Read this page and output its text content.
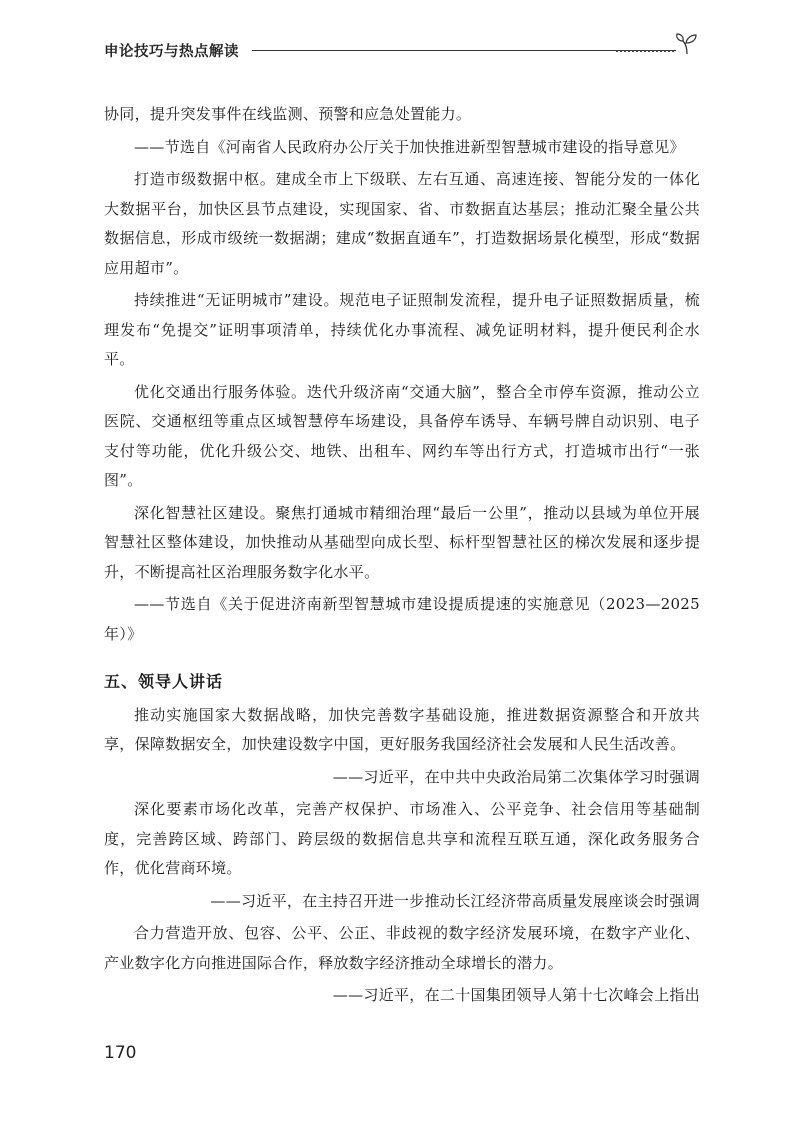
申论技巧与热点解读

协同，提升突发事件在线监测、预警和应急处置能力。

——节选自《河南省人民政府办公厅关于加快推进新型智慧城市建设的指导意见》

打造市级数据中枢。建成全市上下级联、左右互通、高速连接、智能分发的一体化大数据平台，加快区县节点建设，实现国家、省、市数据直达基层；推动汇聚全量公共数据信息，形成市级统一数据湖；建成“数据直通车”，打造数据场景化模型，形成“数据应用超市”。

持续推进“无证明城市”建设。规范电子证照制发流程，提升电子证照数据质量，梳理发布“免提交”证明事项清单，持续优化办事流程、减免证明材料，提升便民利企水平。

优化交通出行服务体验。迭代升级济南“交通大脑”，整合全市停车资源，推动公立医院、交通枢纽等重点区域智慧停车场建设，具备停车诱导、车辆号牌自动识别、电子支付等功能，优化升级公交、地铁、出租车、网约车等出行方式，打造城市出行“一张图”。

深化智慧社区建设。聚焦打通城市精细治理“最后一公里”，推动以县域为单位开展智慧社区整体建设，加快推动从基础型向成长型、标杆型智慧社区的梯次发展和逐步提升，不断提高社区治理服务数字化水平。

——节选自《关于促进济南新型智慧城市建设提质提速的实施意见（2023—2025年）》

五、领导人讲话

推动实施国家大数据战略，加快完善数字基础设施，推进数据资源整合和开放共享，保障数据安全，加快建设数字中国，更好服务我国经济社会发展和人民生活改善。

——习近平，在中共中央政治局第二次集体学习时强调

深化要素市场化改革，完善产权保护、市场准入、公平竞争、社会信用等基础制度，完善跨区域、跨部门、跨层级的数据信息共享和流程互联互通，深化政务服务合作，优化营商环境。

——习近平，在主持召开进一步推动长江经济带高质量发展座谈会时强调

合力营造开放、包容、公平、公正、非歧视的数字经济发展环境，在数字产业化、产业数字化方向推进国际合作，释放数字经济推动全球增长的潜力。

——习近平，在二十国集团领导人第十七次峰会上指出

170
